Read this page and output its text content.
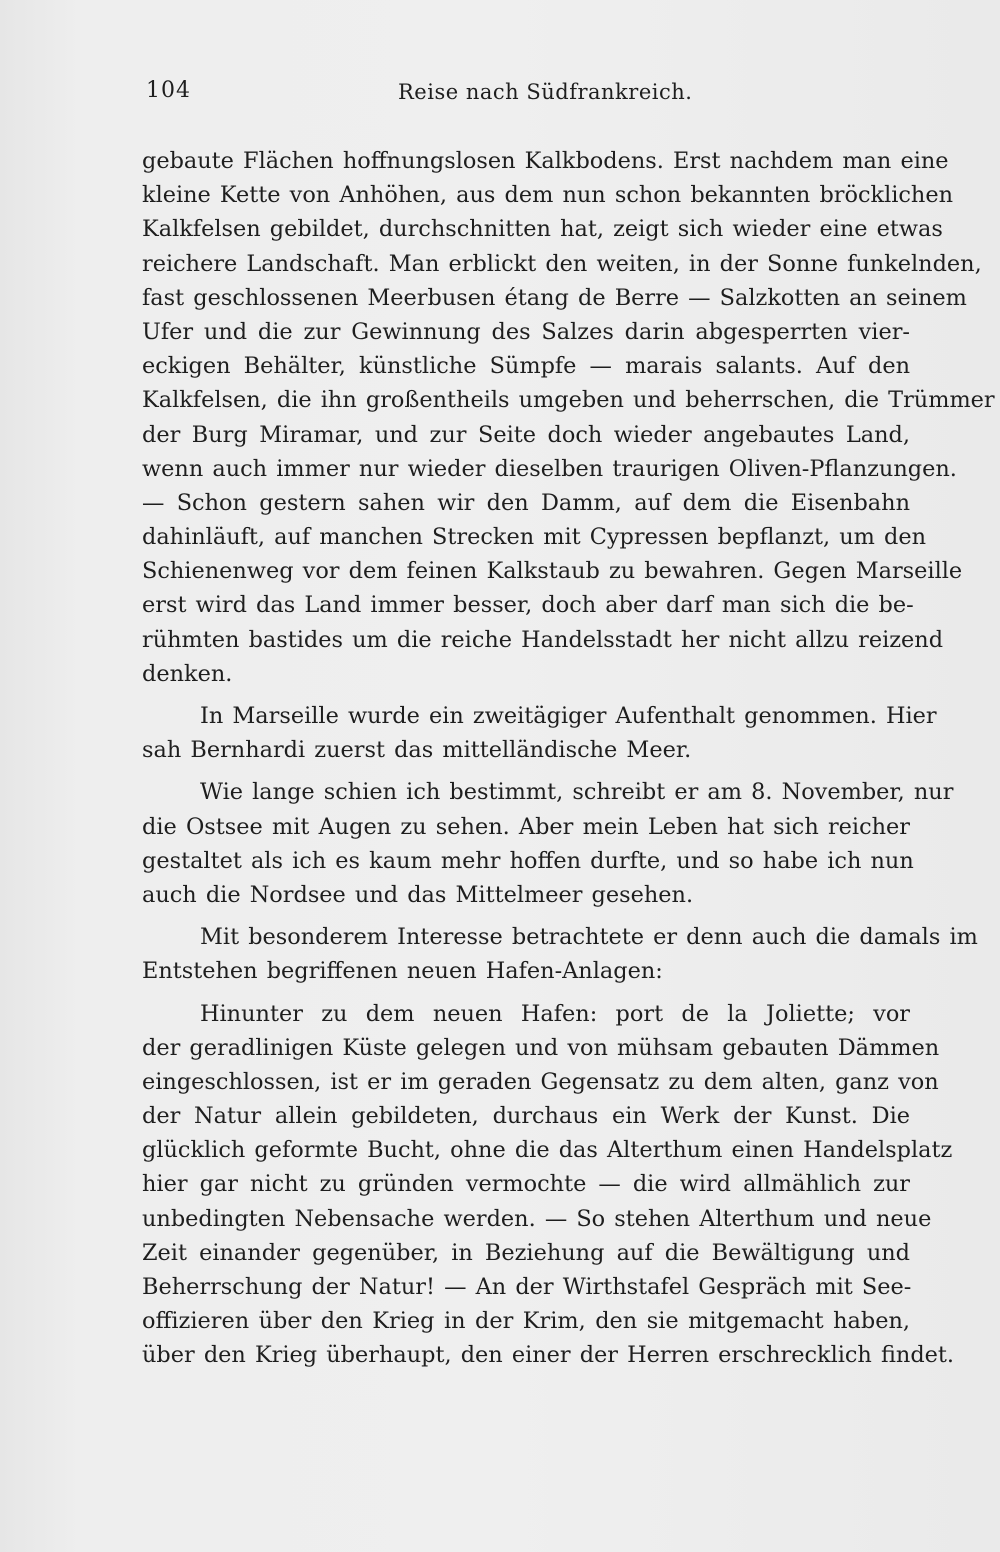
104	Reise nach Südfrankreich.
gebaute Flächen hoffnungslosen Kalkbodens. Erst nachdem man eine
kleine Kette von Anhöhen, aus dem nun schon bekannten bröcklichen
Kalkfelsen gebildet, durchschnitten hat, zeigt sich wieder eine etwas
reichere Landschaft. Man erblickt den weiten, in der Sonne funkelnden,
fast geschlossenen Meerbusen étang de Berre — Salzkotten an seinem
Ufer und die zur Gewinnung des Salzes darin abgesperrten vier-
eckigen Behälter, künstliche Sümpfe — marais salants. Auf den
Kalkfelsen, die ihn großentheils umgeben und beherrschen, die Trümmer
der Burg Miramar, und zur Seite doch wieder angebautes Land,
wenn auch immer nur wieder dieselben traurigen Oliven-Pflanzungen.
— Schon gestern sahen wir den Damm, auf dem die Eisenbahn
dahinläuft, auf manchen Strecken mit Cypressen bepflanzt, um den
Schienenweg vor dem feinen Kalkstaub zu bewahren. Gegen Marseille
erst wird das Land immer besser, doch aber darf man sich die be-
rühmten bastides um die reiche Handelsstadt her nicht allzu reizend
denken.
In Marseille wurde ein zweitägiger Aufenthalt genommen. Hier
sah Bernhardi zuerst das mittelländische Meer.
Wie lange schien ich bestimmt, schreibt er am 8. November, nur
die Ostsee mit Augen zu sehen. Aber mein Leben hat sich reicher
gestaltet als ich es kaum mehr hoffen durfte, und so habe ich nun
auch die Nordsee und das Mittelmeer gesehen.
Mit besonderem Interesse betrachtete er denn auch die damals im
Entstehen begriffenen neuen Hafen-Anlagen:
Hinunter zu dem neuen Hafen: port de la Joliette; vor
der geradlinigen Küste gelegen und von mühsam gebauten Dämmen
eingeschlossen, ist er im geraden Gegensatz zu dem alten, ganz von
der Natur allein gebildeten, durchaus ein Werk der Kunst. Die
glücklich geformte Bucht, ohne die das Alterthum einen Handelsplatz
hier gar nicht zu gründen vermochte — die wird allmählich zur
unbedingten Nebensache werden. — So stehen Alterthum und neue
Zeit einander gegenüber, in Beziehung auf die Bewältigung und
Beherrschung der Natur! — An der Wirthstafel Gespräch mit See-
offizieren über den Krieg in der Krim, den sie mitgemacht haben,
über den Krieg überhaupt, den einer der Herren erschrecklich findet.
